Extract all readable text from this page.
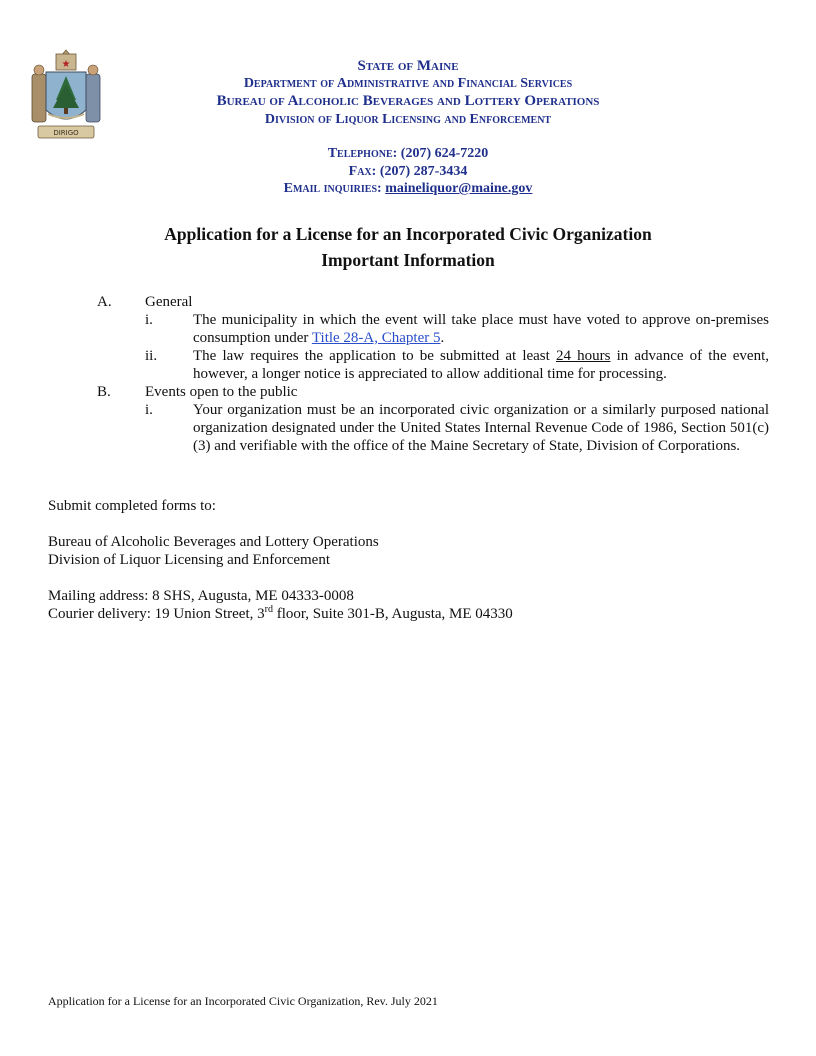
★
DIRIGO
State of Maine
Department of Administrative and Financial Services
Bureau of Alcoholic Beverages and Lottery Operations
Division of Liquor Licensing and Enforcement
Telephone: (207) 624-7220
Fax: (207) 287-3434
Email inquiries: maineliquor@maine.gov
Application for a License for an Incorporated Civic Organization
Important Information
A. General
i.	The municipality in which the event will take place must have voted to approve on-premises consumption under Title 28-A, Chapter 5.
ii. The law requires the application to be submitted at least 24 hours in advance of the event, however, a longer notice is appreciated to allow additional time for processing.
B. Events open to the public
i.	Your organization must be an incorporated civic organization or a similarly purposed national organization designated under the United States Internal Revenue Code of 1986, Section 501(c)(3) and verifiable with the office of the Maine Secretary of State, Division of Corporations.
Submit completed forms to:
Bureau of Alcoholic Beverages and Lottery Operations
Division of Liquor Licensing and Enforcement
Mailing address: 8 SHS, Augusta, ME 04333-0008
Courier delivery: 19 Union Street, 3rd floor, Suite 301-B, Augusta, ME 04330
Application for a License for an Incorporated Civic Organization, Rev. July 2021
